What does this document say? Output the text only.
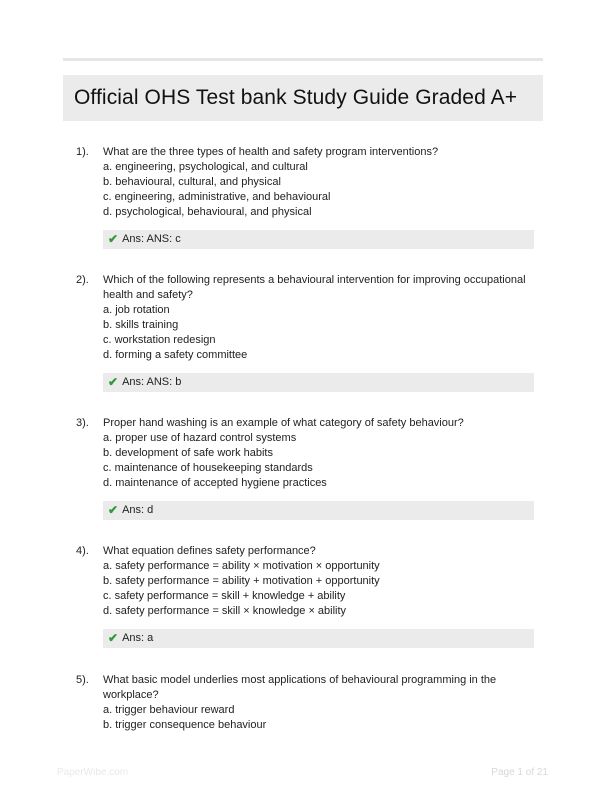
Official OHS Test bank Study Guide Graded A+
1). What are the three types of health and safety program interventions?

a. engineering, psychological, and cultural
b. behavioural, cultural, and physical
c. engineering, administrative, and behavioural
d. psychological, behavioural, and physical
✔ Ans: ANS: c
2). Which of the following represents a behavioural intervention for improving occupational health and safety?

a. job rotation
b. skills training
c. workstation redesign
d. forming a safety committee
✔ Ans: ANS: b
3). Proper hand washing is an example of what category of safety behaviour?

a. proper use of hazard control systems
b. development of safe work habits
c. maintenance of housekeeping standards
d. maintenance of accepted hygiene practices
✔ Ans: d
4). What equation defines safety performance?

a. safety performance = ability × motivation × opportunity
b. safety performance = ability + motivation + opportunity
c. safety performance = skill + knowledge + ability
d. safety performance = skill × knowledge × ability
✔ Ans: a
5). What basic model underlies most applications of behavioural programming in the workplace?

a. trigger behaviour reward
b. trigger consequence behaviour
PaperWibe.com	Page 1 of 21
